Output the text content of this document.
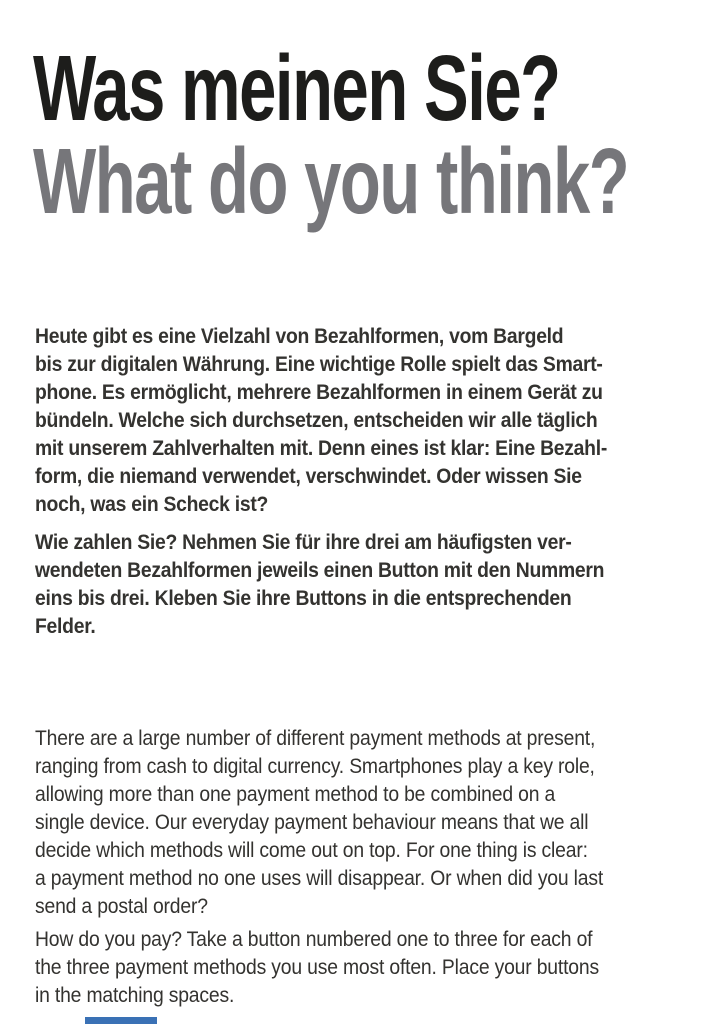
Was meinen Sie?
What do you think?
Heute gibt es eine Vielzahl von Bezahlformen, vom Bargeld
bis zur digitalen Währung. Eine wichtige Rolle spielt das Smart-
phone. Es ermöglicht, mehrere Bezahlformen in einem Gerät zu
bündeln. Welche sich durchsetzen, entscheiden wir alle täglich
mit unserem Zahlverhalten mit. Denn eines ist klar: Eine Bezahl-
form, die niemand verwendet, verschwindet. Oder wissen Sie
noch, was ein Scheck ist?
Wie zahlen Sie? Nehmen Sie für ihre drei am häufigsten ver-
wendeten Bezahlformen jeweils einen Button mit den Nummern
eins bis drei. Kleben Sie ihre Buttons in die entsprechenden
Felder.
There are a large number of different payment methods at present,
ranging from cash to digital currency. Smartphones play a key role,
allowing more than one payment method to be combined on a
single device. Our everyday payment behaviour means that we all
decide which methods will come out on top. For one thing is clear:
a payment method no one uses will disappear. Or when did you last
send a postal order?
How do you pay? Take a button numbered one to three for each of
the three payment methods you use most often. Place your buttons
in the matching spaces.
